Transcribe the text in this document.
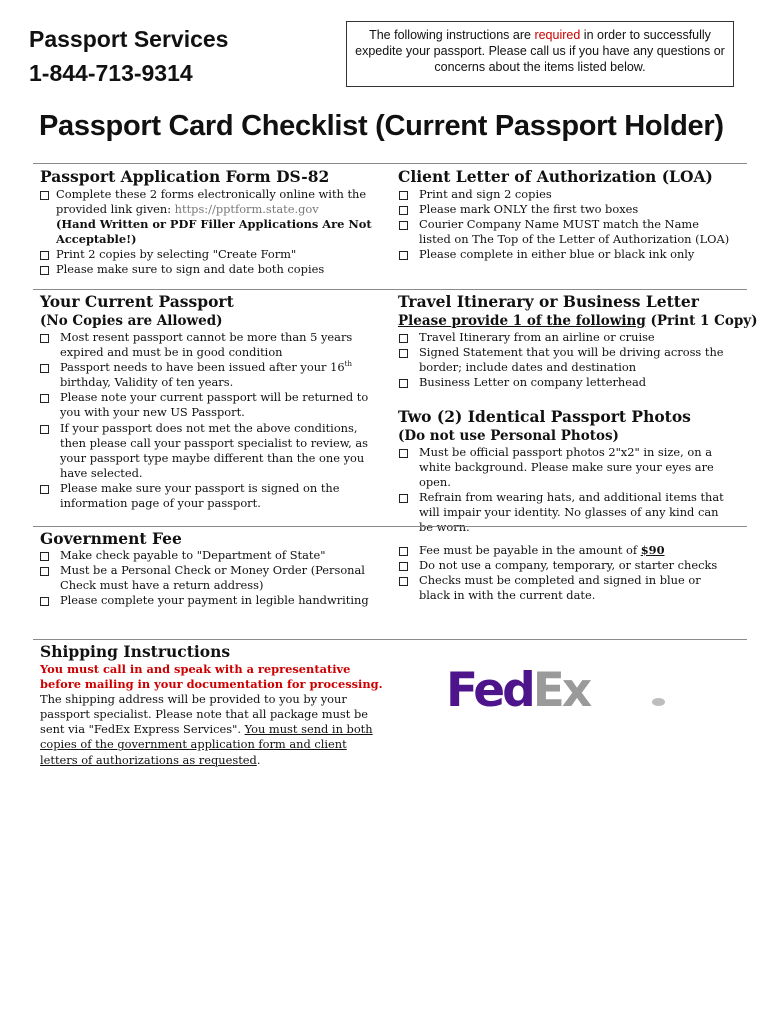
Passport Services
1-844-713-9314
The following instructions are required in order to successfully expedite your passport. Please call us if you have any questions or concerns about the items listed below.
Passport Card Checklist (Current Passport Holder)
Passport Application Form DS-82
Complete these 2 forms electronically online with the provided link given: https://pptform.state.gov
(Hand Written or PDF Filler Applications Are Not Acceptable!)
Print 2 copies by selecting "Create Form"
Please make sure to sign and date both copies
Client Letter of Authorization (LOA)
Print and sign 2 copies
Please mark ONLY the first two boxes
Courier Company Name MUST match the Name listed on The Top of the Letter of Authorization (LOA)
Please complete in either blue or black ink only
Your Current Passport
(No Copies are Allowed)
Most resent passport cannot be more than 5 years expired and must be in good condition
Passport needs to have been issued after your 16th birthday, Validity of ten years.
Please note your current passport will be returned to you with your new US Passport.
If your passport does not met the above conditions, then please call your passport specialist to review, as your passport type maybe different than the one you have selected.
Please make sure your passport is signed on the information page of your passport.
Travel Itinerary or Business Letter
Please provide 1 of the following (Print 1 Copy)
Travel Itinerary from an airline or cruise
Signed Statement that you will be driving across the border; include dates and destination
Business Letter on company letterhead
Two (2) Identical Passport Photos
(Do not use Personal Photos)
Must be official passport photos 2"x2" in size, on a white background. Please make sure your eyes are open.
Refrain from wearing hats, and additional items that will impair your identity. No glasses of any kind can be worn.
Government Fee
Make check payable to "Department of State"
Must be a Personal Check or Money Order (Personal Check must have a return address)
Please complete your payment in legible handwriting
Fee must be payable in the amount of $90
Do not use a company, temporary, or starter checks
Checks must be completed and signed in blue or black in with the current date.
Shipping Instructions
You must call in and speak with a representative before mailing in your documentation for processing. The shipping address will be provided to you by your passport specialist. Please note that all package must be sent via "FedEx Express Services". You must send in both copies of the government application form and client letters of authorizations as requested.
FedEx
